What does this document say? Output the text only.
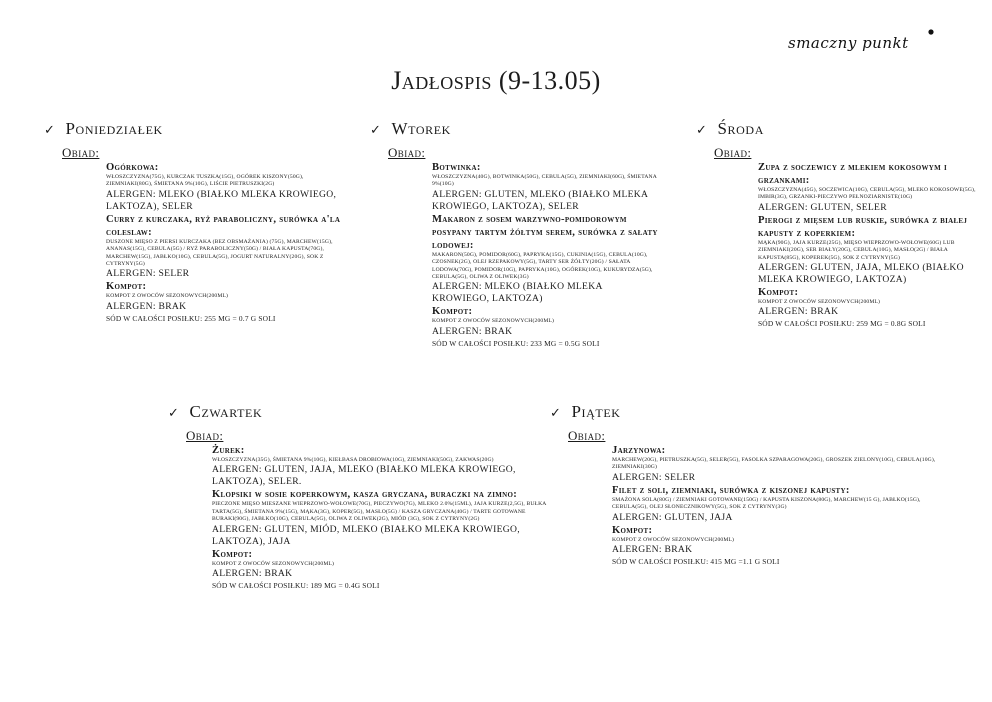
smaczny punkt
Jadłospis (9-13.05)
✓ Poniedziałek
Obiad:
Ogórkowa:
WŁOSZCZYZNA(75G), KURCZAK TUSZKA(15G), OGÓREK KISZONY(50G), ZIEMNIAKI(80G), ŚMIETANA 9%(10G), LIŚCIE PIETRUSZKI(2G)
ALERGEN: MLEKO (BIAŁKO MLEKA KROWIEGO, LAKTOZA), SELER
Curry z kurczaka, ryż paraboliczny, surówka a'la coleslaw:
DUSZONE MIĘSO Z PIERSI KURCZAKA (BEZ OBSMAŻANIA) (75G), MARCHEW(15G), ANANAS(15G), CEBULA(5G) / RYŻ PARABOLICZNY(50G) / BIAŁA KAPUSTA(70G), MARCHEW(15G), JABŁKO(10G), CEBULA(5G), JOGURT NATURALNY(20G), SOK Z CYTRYNY(5G)
ALERGEN: SELER
Kompot:
KOMPOT Z OWOCÓW SEZONOWYCH(200ML)
ALERGEN: BRAK
SÓD W CAŁOŚCI POSIŁKU: 255 MG = 0.7 G SOLI
✓ Wtorek
Obiad:
Botwinka:
WŁOSZCZYZNA(40G), BOTWINKA(50G), CEBULA(5G), ZIEMNIAKI(60G), ŚMIETANA 9%(10G)
ALERGEN: GLUTEN, MLEKO (BIAŁKO MLEKA KROWIEGO, LAKTOZA), SELER
Makaron z sosem warzywno-pomidorowym posypany tartym żółtym serem, surówka z sałaty lodowej:
MAKARON(50G), POMIDOR(60G), PAPRYKA(15G), CUKINIA(15G), CEBULA(10G), CZOSNEK(2G), OLEJ RZEPAKOWY(5G), TARTY SER ŻÓŁTY(20G) / SAŁATA LODOWA(70G), POMIDOR(10G), PAPRYKA(10G), OGÓREK(10G), KUKURYDZA(5G), CEBULA(5G), OLIWA Z OLIWEK(3G)
ALERGEN: MLEKO (BIAŁKO MLEKA KROWIEGO, LAKTOZA)
Kompot:
KOMPOT Z OWOCÓW SEZONOWYCH(200ML)
ALERGEN: BRAK
SÓD W CAŁOŚCI POSIŁKU: 233 MG = 0.5G SOLI
✓ Środa
Obiad:
Zupa z soczewicy z mlekiem kokosowym i grzankami:
WŁOSZCZYZNA(45G), SOCZEWICA(10G), CEBULA(5G), MLEKO KOKOSOWE(5G), IMBIR(3G), GRZANKI-PIECZYWO PEŁNOZIARNISTE(10G)
ALERGEN: GLUTEN, SELER
Pierogi z mięsem lub ruskie, surówka z białej kapusty z koperkiem:
MĄKA(90G), JAJA KURZE(25G), MIĘSO WIEPRZOWO-WOŁOWE(60G) LUB ZIEMNIAKI(20G), SER BIAŁY(20G), CEBULA(10G), MASŁO(2G) / BIAŁA KAPUSTA(85G), KOPEREK(5G), SOK Z CYTRYNY(5G)
ALERGEN: GLUTEN, JAJA, MLEKO (BIAŁKO MLEKA KROWIEGO, LAKTOZA)
Kompot:
KOMPOT Z OWOCÓW SEZONOWYCH(200ML)
ALERGEN: BRAK
SÓD W CAŁOŚCI POSIŁKU: 259 MG = 0.8G SOLI
✓ Czwartek
Obiad:
Żurek:
WŁOSZCZYZNA(35G), ŚMIETANA 9%(10G), KIEŁBASA DROBIOWA(10G), ZIEMNIAKI(50G), ZAKWAS(20G)
ALERGEN: GLUTEN, JAJA, MLEKO (BIAŁKO MLEKA KROWIEGO, LAKTOZA), SELER.
Klopsiki w sosie koperkowym, kasza gryczana, buraczki na zimno:
PIECZONE MIĘSO MIESZANE WIEPRZOWO-WOŁOWE(70G), PIECZYWO(7G), MLEKO 2.0%(15ML), JAJA KURZE(2,5G), BUŁKA TARTA(5G), ŚMIETANA 9%(15G), MĄKA(3G), KOPER(5G), MASŁO(5G) / KASZA GRYCZANA(40G) / TARTE GOTOWANE BURAKI(90G), JABŁKO(10G), CEBULA(5G), OLIWA Z OLIWEK(2G), MIÓD (3G), SOK Z CYTRYNY(2G)
ALERGEN: GLUTEN, MIÓD, MLEKO (BIAŁKO MLEKA KROWIEGO, LAKTOZA), JAJA
Kompot:
KOMPOT Z OWOCÓW SEZONOWYCH(200ML)
ALERGEN: BRAK
SÓD W CAŁOŚCI POSIŁKU: 189 MG = 0.4G SOLI
✓ Piątek
Obiad:
Jarzynowa:
MARCHEW(20G), PIETRUSZKA(5G), SELER(5G), FASOLKA SZPARAGOWA(20G), GROSZEK ZIELONY(10G), CEBULA(10G), ZIEMNIAKI(30G)
ALERGEN: SELER
Filet z soli, ziemniaki, surówka z kiszonej kapusty:
SMAŻONA SOLA(80G) / ZIEMNIAKI GOTOWANE(150G) / KAPUSTA KISZONA(80G), MARCHEW(15 G), JABŁKO(15G), CEBULA(5G), OLEJ SŁONECZNIKOWY(5G), SOK Z CYTRYNY(3G)
ALERGEN: GLUTEN, JAJA
Kompot:
KOMPOT Z OWOCÓW SEZONOWYCH(200ML)
ALERGEN: BRAK
SÓD W CAŁOŚCI POSIŁKU: 415 MG =1.1 G SOLI
